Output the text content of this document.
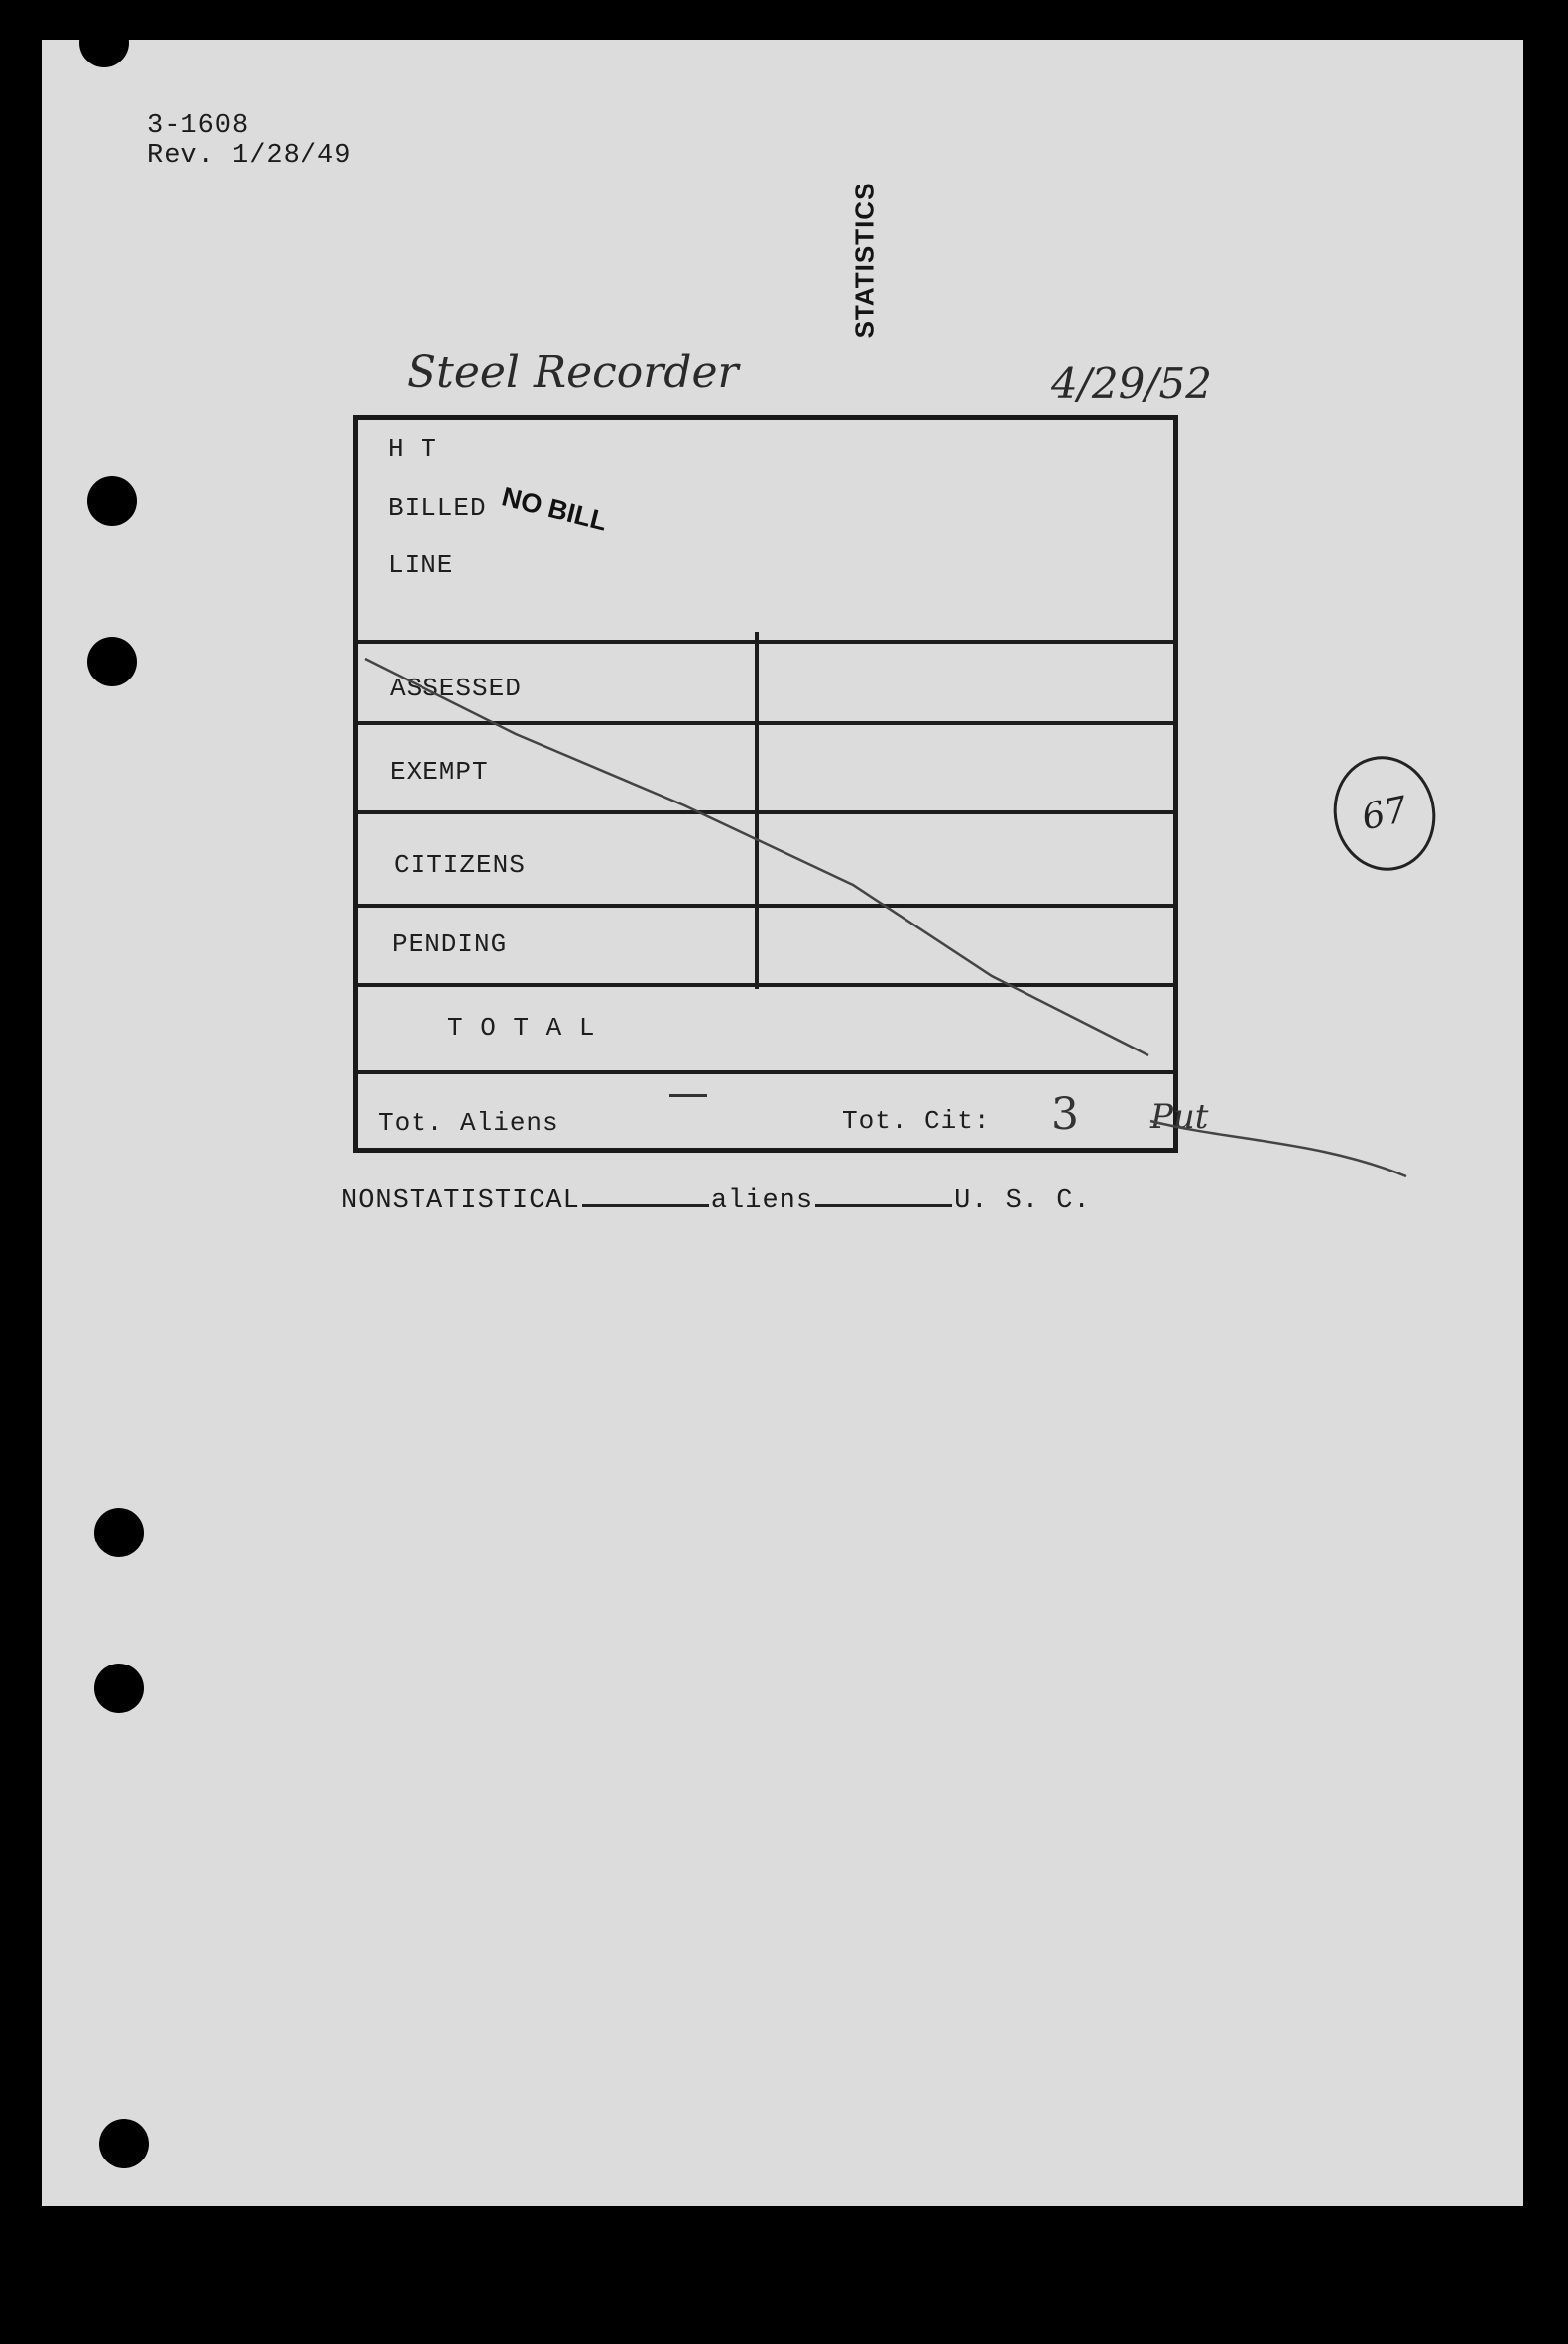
3-1608
Rev. 1/28/49
STATISTICS
Steel Recorder	4/29/52
H T
BILLED
LINE
ASSESSED
EXEMPT
CITIZENS
PENDING
T O T A L
Tot. Aliens	Tot. Cit:
NO BILL
3 Put
67
NONSTATISTICAL	aliens	U. S. C.
